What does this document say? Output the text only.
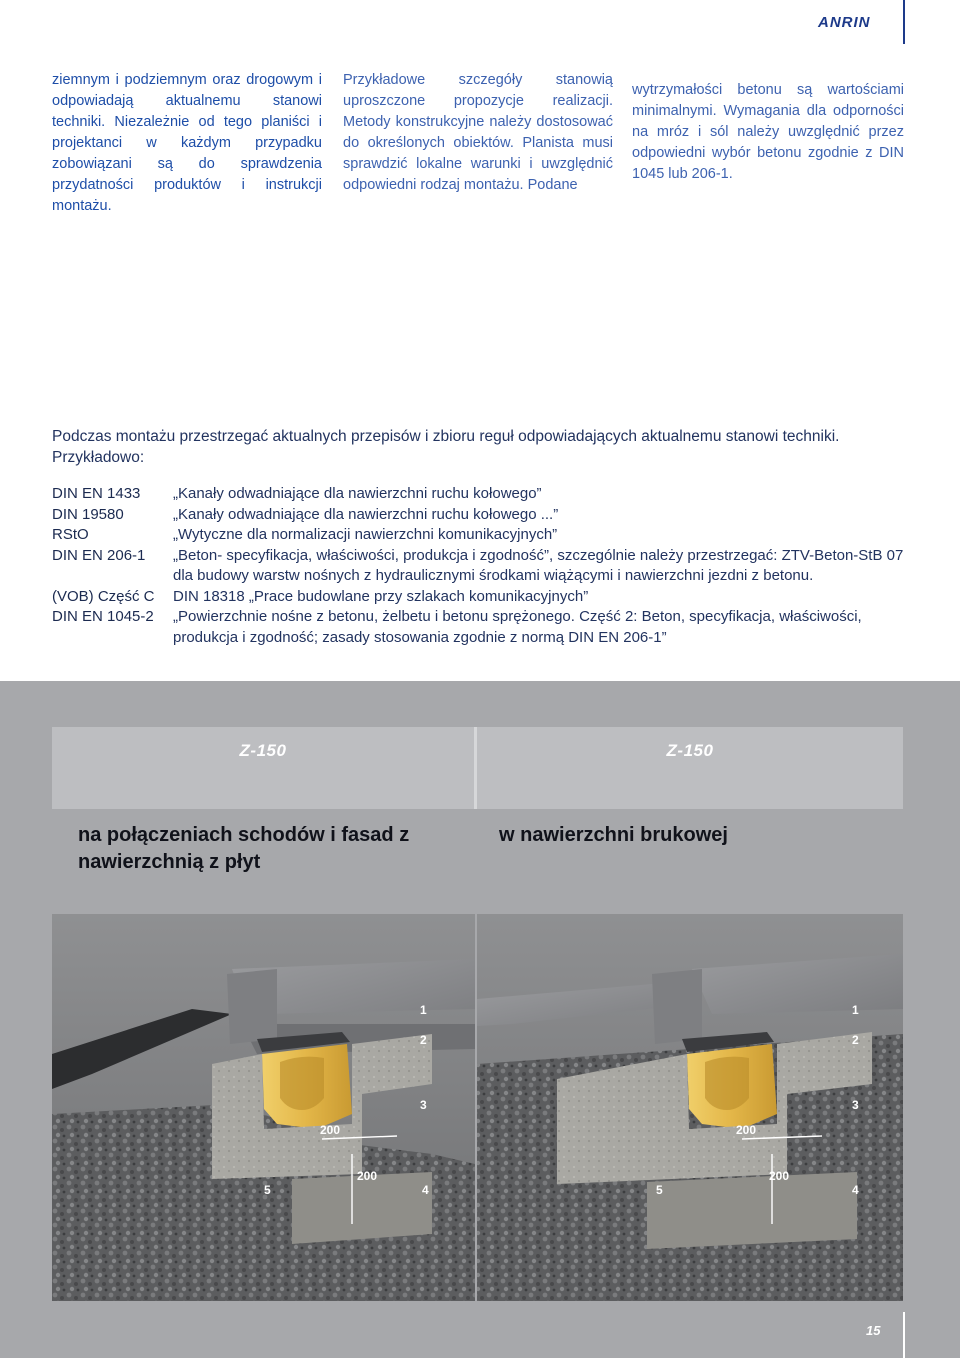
ANRIN
ziemnym i podziemnym oraz drogowym i odpowiadają aktualnemu stanowi techniki. Niezależnie od tego planiści i projektanci w każdym przypadku zobowiązani są do sprawdzenia przydatności produktów i instrukcji montażu.
Przykładowe szczegóły stanowią uproszczone propozycje realizacji. Metody konstrukcyjne należy dostosować do określonych obiektów. Planista musi sprawdzić lokalne warunki i uwzględnić odpowiedni rodzaj montażu. Podane
wytrzymałości betonu są wartościami minimalnymi. Wymagania dla odporności na mróz i sól należy uwzględnić przez odpowiedni wybór betonu zgodnie z DIN 1045 lub 206-1.
Podczas montażu przestrzegać aktualnych przepisów i zbioru reguł odpowiadających aktualnemu stanowi techniki. Przykładowo:
DIN EN 1433	„Kanały odwadniające dla nawierzchni ruchu kołowego”
DIN 19580	„Kanały odwadniające dla nawierzchni ruchu kołowego ...”
RStO	„Wytyczne dla normalizacji nawierzchni komunikacyjnych”
DIN EN 206-1	„Beton- specyfikacja, właściwości, produkcja i zgodność”, szczególnie należy przestrzegać: ZTV-Beton-StB 07 dla budowy warstw nośnych z hydraulicznymi środkami wiążącymi i nawierzchni jezdni z betonu.
(VOB) Część C	DIN 18318 „Prace budowlane przy szlakach komunikacyjnych”
DIN EN 1045-2	„Powierzchnie nośne z betonu, żelbetu i betonu sprężonego. Część 2: Beton, specyfikacja, właściwości, produkcja i zgodność; zasady stosowania zgodnie z normą DIN EN 206-1”
Z-150	Z-150
na połączeniach schodów i fasad z nawierzchnią z płyt
w nawierzchni brukowej
1
2
3
200
200
5	4
1
2
3
200
200
5	4
15
